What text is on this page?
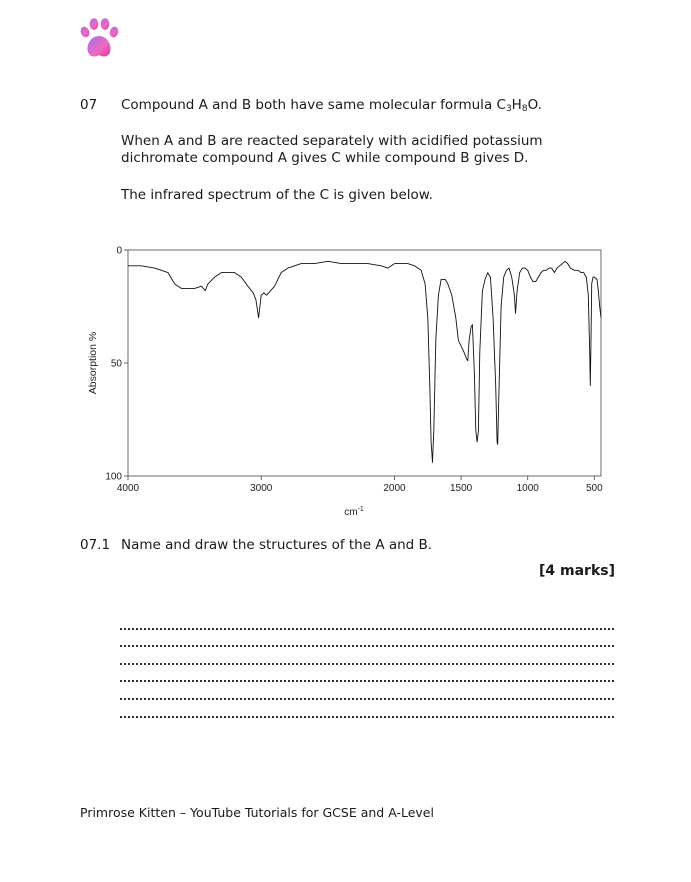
07 Compound A and B both have same molecular formula $C_3H_8O$.
When A and B are reacted separately with acidified potassium dichromate compound A gives C while compound B gives D.
The infrared spectrum of the C is given below.
0
50
100
4000	3000	2000	1500	1000	500
Absorption %
$cm^{-1}$
07.1 Name and draw the structures of the A and B.
[4 marks]
Primrose Kitten – YouTube Tutorials for GCSE and A-Level
